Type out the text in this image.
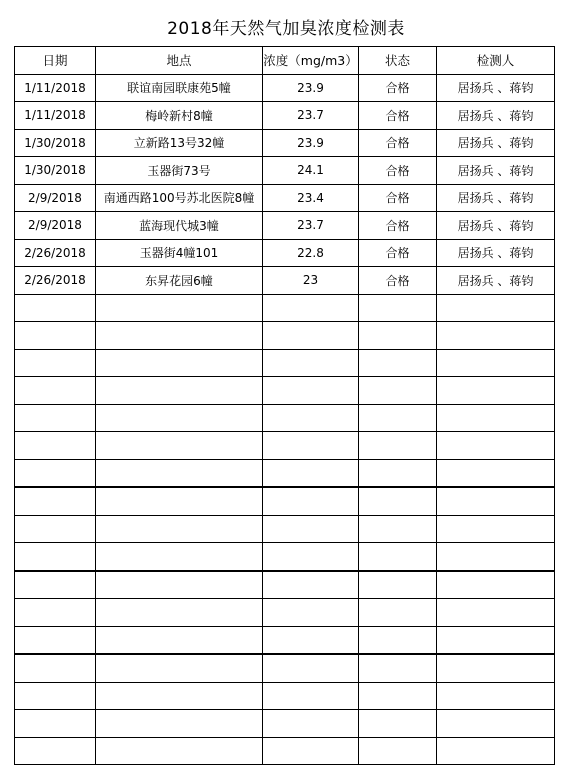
2018年天然气加臭浓度检测表
日期	地点	浓度（mg/m3）	状态	检测人
1/11/2018	联谊南园联康苑5幢	23.9	合格	居扬兵 、蒋钧
1/11/2018	梅岭新村8幢	23.7	合格	居扬兵 、蒋钧
1/30/2018	立新路13号32幢	23.9	合格	居扬兵 、蒋钧
1/30/2018	玉器街73号	24.1	合格	居扬兵 、蒋钧
2/9/2018	南通西路100号苏北医院8幢	23.4	合格	居扬兵 、蒋钧
2/9/2018	蓝海现代城3幢	23.7	合格	居扬兵 、蒋钧
2/26/2018	玉器街4幢101	22.8	合格	居扬兵 、蒋钧
2/26/2018	东昇花园6幢	23	合格	居扬兵 、蒋钧
